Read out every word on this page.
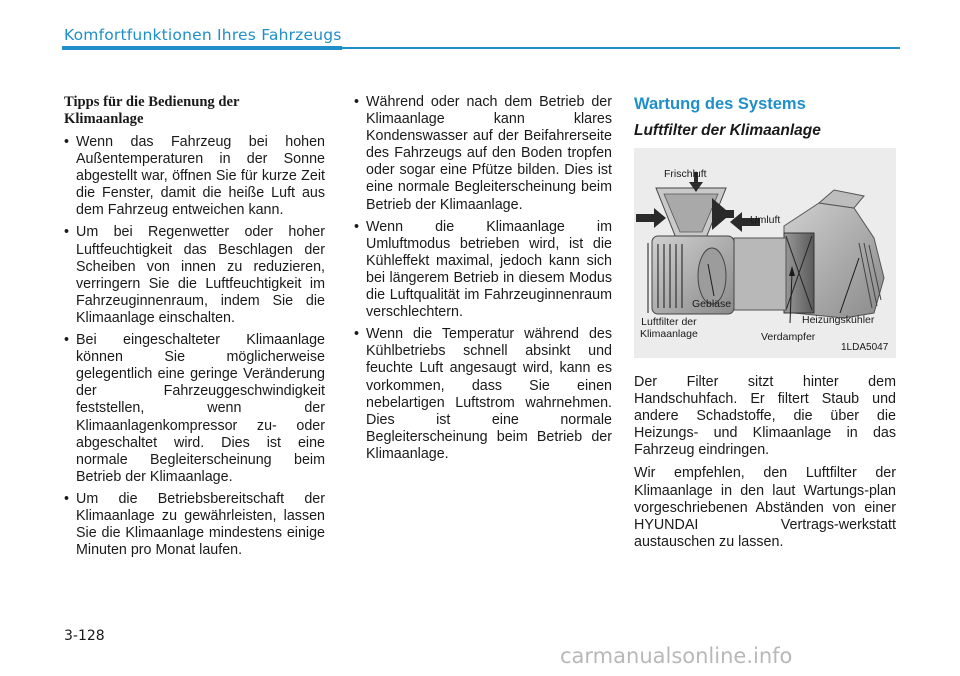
Komfortfunktionen Ihres Fahrzeugs
Tipps für die Bedienung der
Klimaanlage
• Wenn das Fahrzeug bei hohen Außentemperaturen in der Sonne abgestellt war, öffnen Sie für kurze Zeit die Fenster, damit die heiße Luft aus dem Fahrzeug entweichen kann.
• Um bei Regenwetter oder hoher Luftfeuchtigkeit das Beschlagen der Scheiben von innen zu reduzieren, verringern Sie die Luftfeuchtigkeit im Fahrzeuginnenraum, indem Sie die Klimaanlage einschalten.
• Bei eingeschalteter Klimaanlage können Sie möglicherweise gelegentlich eine geringe Veränderung der Fahrzeuggeschwindigkeit feststellen, wenn der Klimaanlagenkompressor zu- oder abgeschaltet wird. Dies ist eine normale Begleiterscheinung beim Betrieb der Klimaanlage.
• Um die Betriebsbereitschaft der Klimaanlage zu gewährleisten, lassen Sie die Klimaanlage mindestens einige Minuten pro Monat laufen.
• Während oder nach dem Betrieb der Klimaanlage kann klares Kondenswasser auf der Beifahrerseite des Fahrzeugs auf den Boden tropfen oder sogar eine Pfütze bilden. Dies ist eine normale Begleiterscheinung beim Betrieb der Klimaanlage.
• Wenn die Klimaanlage im Umluftmodus betrieben wird, ist die Kühleffekt maximal, jedoch kann sich bei längerem Betrieb in diesem Modus die Luftqualität im Fahrzeuginnenraum verschlechtern.
• Wenn die Temperatur während des Kühlbetriebs schnell absinkt und feuchte Luft angesaugt wird, kann es vorkommen, dass Sie einen nebelartigen Luftstrom wahrnehmen. Dies ist eine normale Begleiterscheinung beim Betrieb der Klimaanlage.
Wartung des Systems
Luftfilter der Klimaanlage
Frischluft
Umluft
Gebläse
Luftfilter der
Klimaanlage
Heizungskühler
Verdampfer
1LDA5047

Der Filter sitzt hinter dem Handschuhfach. Er filtert Staub und andere Schadstoffe, die über die Heizungs- und Klimaanlage in das Fahrzeug eindringen.

Wir empfehlen, den Luftfilter der Klimaanlage in den laut Wartungs-plan vorgeschriebenen Abständen von einer HYUNDAI Vertrags-werkstatt austauschen zu lassen.

3-128
carmanualsonline.info
